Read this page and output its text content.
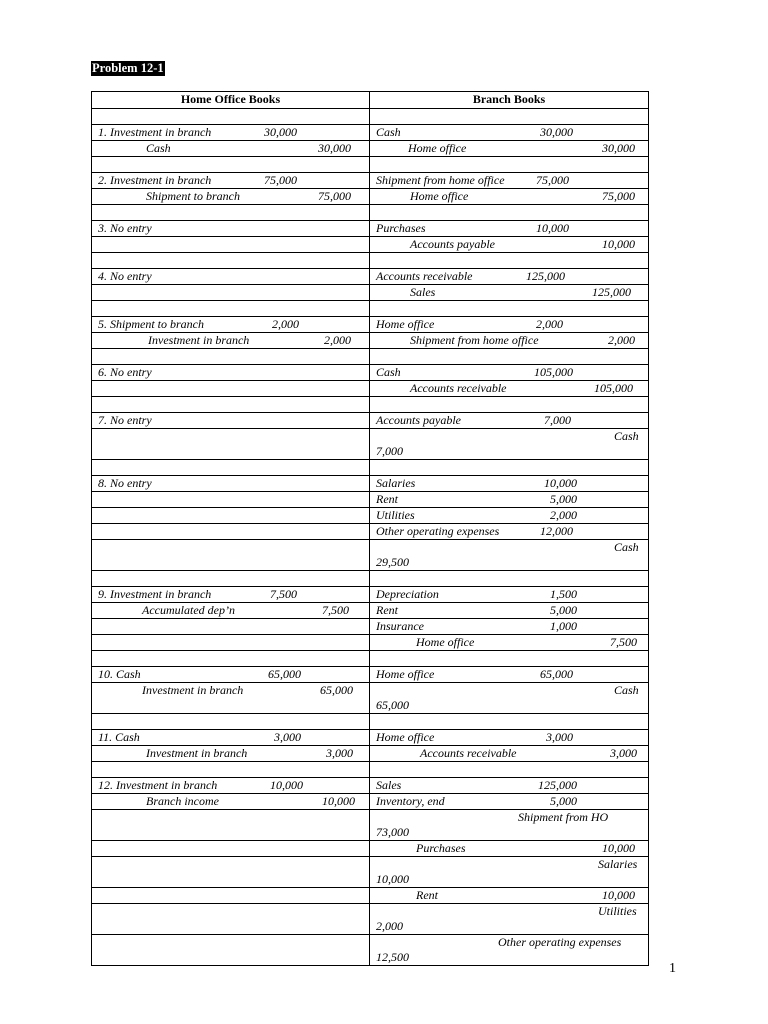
Problem 12-1
Home Office Books	Branch Books

1. Investment in branch 30,000	Cash 30,000

Cash 30,000	Home office 30,000

2. Investment in branch 75,000	Shipment from home office 75,000

Shipment to branch 75,000	Home office 75,000

3. No entry	Purchases 10,000

	Accounts payable 10,000

4. No entry	Accounts receivable 125,000

	Sales 125,000

5. Shipment to branch 2,000	Home office 2,000

Investment in branch 2,000	Shipment from home office 2,000

6. No entry	Cash 105,000

	Accounts receivable 105,000

7. No entry	Accounts payable 7,000

	Cash
7,000

8. No entry	Salaries 10,000

	Rent 5,000

	Utilities 2,000

	Other operating expenses 12,000

	Cash
29,500

9. Investment in branch 7,500	Depreciation 1,500

Accumulated dep’n 7,500	Rent 5,000

	Insurance 1,000

	Home office 7,500

10. Cash 65,000	Home office 65,000

Investment in branch 65,000	Cash
65,000

11. Cash 3,000	Home office 3,000

Investment in branch 3,000	Accounts receivable 3,000

12. Investment in branch 10,000	Sales 125,000

Branch income 10,000	Inventory, end 5,000

	Shipment from HO
73,000

	Purchases 10,000

	Salaries
10,000

	Rent 10,000

	Utilities
2,000

	Other operating expenses
12,500
1
